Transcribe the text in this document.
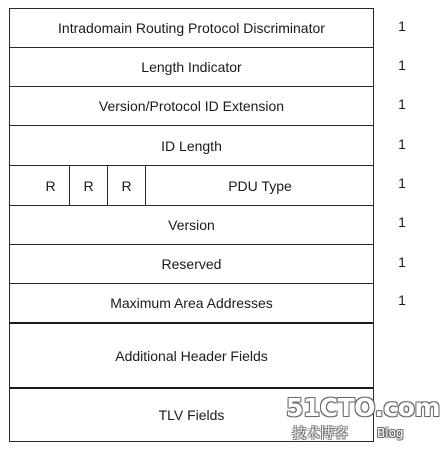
Intradomain Routing Protocol Discriminator
Length Indicator
Version/Protocol ID Extension
ID Length
R R R	PDU Type
Version
Reserved
Maximum Area Addresses
Additional Header Fields
TLV Fields
1
1
1
1
1
1
1
1
51CTO.com
技术博客 Blog
